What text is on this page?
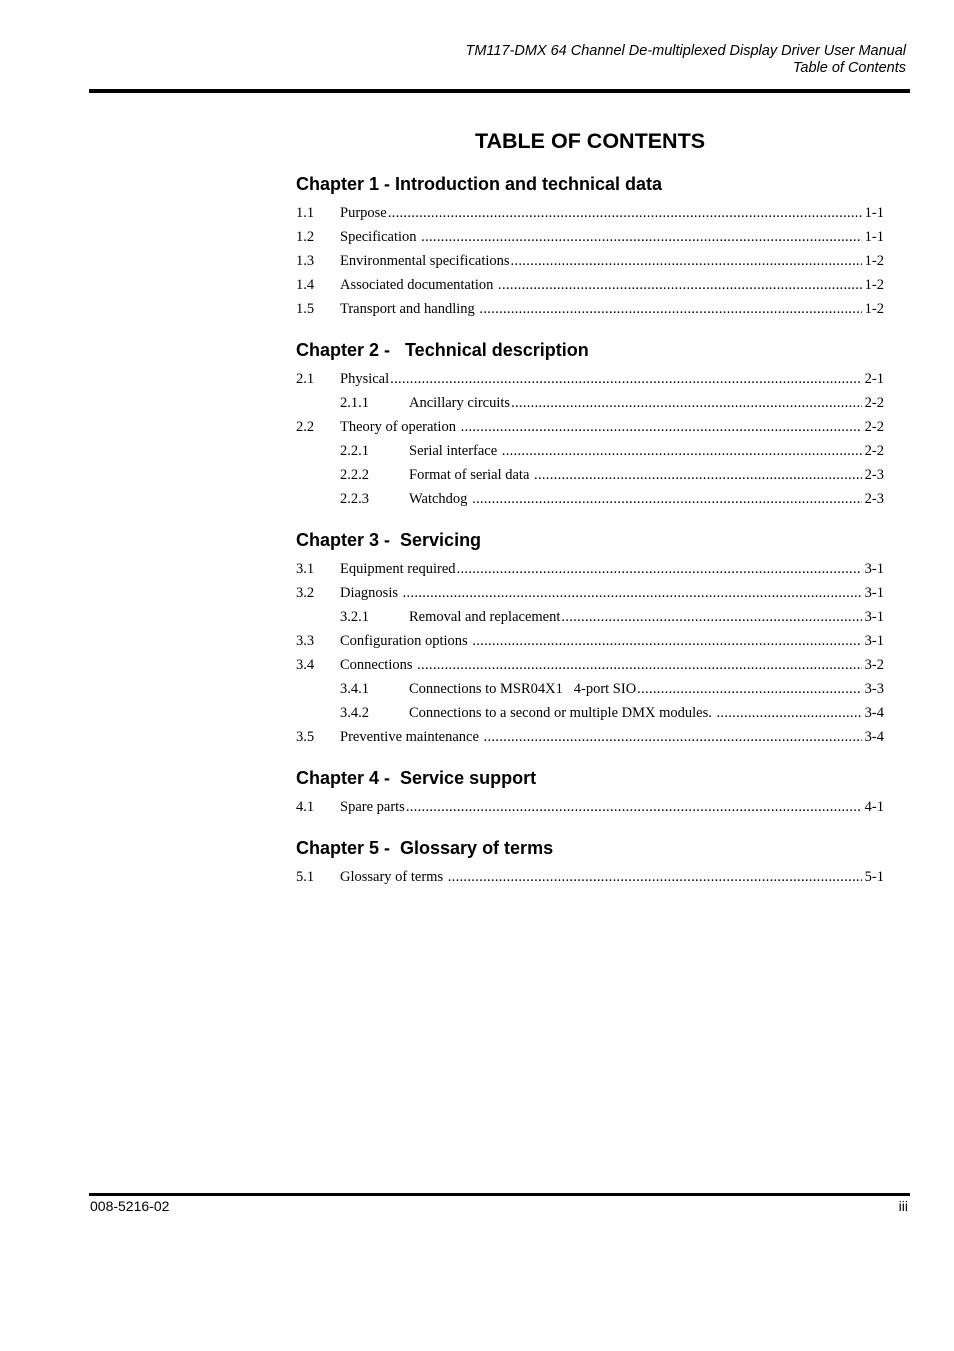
TM117-DMX 64 Channel De-multiplexed Display Driver User Manual
Table of Contents
TABLE OF CONTENTS
Chapter 1 - Introduction and technical data
1.1	Purpose .....	1-1
1.2	Specification .....	1-1
1.3	Environmental specifications .....	1-2
1.4	Associated documentation .....	1-2
1.5	Transport and handling .....	1-2
Chapter 2 -   Technical description
2.1	Physical .....	2-1
2.1.1	Ancillary circuits .....	2-2
2.2	Theory of operation .....	2-2
2.2.1	Serial interface .....	2-2
2.2.2	Format of serial data .....	2-3
2.2.3	Watchdog .....	2-3
Chapter 3 -  Servicing
3.1	Equipment required .....	3-1
3.2	Diagnosis .....	3-1
3.2.1	Removal and replacement .....	3-1
3.3	Configuration options .....	3-1
3.4	Connections .....	3-2
3.4.1	Connections to MSR04X1   4-port SIO .....	3-3
3.4.2	Connections to a second or multiple DMX modules. .....	3-4
3.5	Preventive maintenance .....	3-4
Chapter 4 -  Service support
4.1	Spare parts .....	4-1
Chapter 5 -  Glossary of terms
5.1	Glossary of terms .....	5-1
008-5216-02	iii
